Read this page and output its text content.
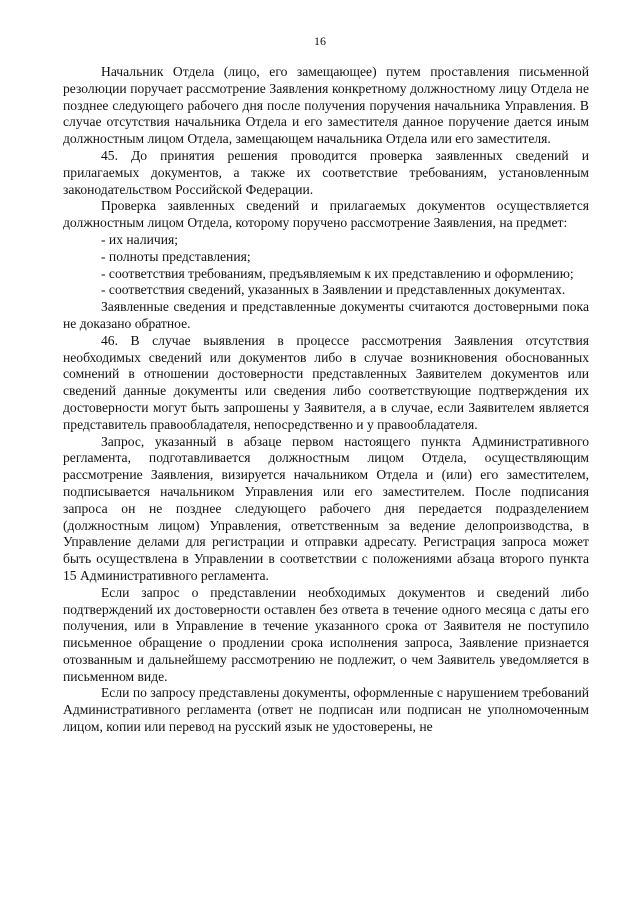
16

Начальник Отдела (лицо, его замещающее) путем проставления письменной резолюции поручает рассмотрение Заявления конкретному должностному лицу Отдела не позднее следующего рабочего дня после получения поручения начальника Управления. В случае отсутствия начальника Отдела и его заместителя данное поручение дается иным должностным лицом Отдела, замещающем начальника Отдела или его заместителя.

45. До принятия решения проводится проверка заявленных сведений и прилагаемых документов, а также их соответствие требованиям, установленным законодательством Российской Федерации.

Проверка заявленных сведений и прилагаемых документов осуществляется должностным лицом Отдела, которому поручено рассмотрение Заявления, на предмет:

- их наличия;

- полноты представления;

- соответствия требованиям, предъявляемым к их представлению и оформлению;

- соответствия сведений, указанных в Заявлении и представленных документах.

Заявленные сведения и представленные документы считаются достоверными пока не доказано обратное.

46. В случае выявления в процессе рассмотрения Заявления отсутствия необходимых сведений или документов либо в случае возникновения обоснованных сомнений в отношении достоверности представленных Заявителем документов или сведений данные документы или сведения либо соответствующие подтверждения их достоверности могут быть запрошены у Заявителя, а в случае, если Заявителем является представитель правообладателя, непосредственно и у правообладателя.

Запрос, указанный в абзаце первом настоящего пункта Административного регламента, подготавливается должностным лицом Отдела, осуществляющим рассмотрение Заявления, визируется начальником Отдела и (или) его заместителем, подписывается начальником Управления или его заместителем. После подписания запроса он не позднее следующего рабочего дня передается подразделением (должностным лицом) Управления, ответственным за ведение делопроизводства, в Управление делами для регистрации и отправки адресату. Регистрация запроса может быть осуществлена в Управлении в соответствии с положениями абзаца второго пункта 15 Административного регламента.

Если запрос о представлении необходимых документов и сведений либо подтверждений их достоверности оставлен без ответа в течение одного месяца с даты его получения, или в Управление в течение указанного срока от Заявителя не поступило письменное обращение о продлении срока исполнения запроса, Заявление признается отозванным и дальнейшему рассмотрению не подлежит, о чем Заявитель уведомляется в письменном виде.

Если по запросу представлены документы, оформленные с нарушением требований Административного регламента (ответ не подписан или подписан не уполномоченным лицом, копии или перевод на русский язык не удостоверены, не
